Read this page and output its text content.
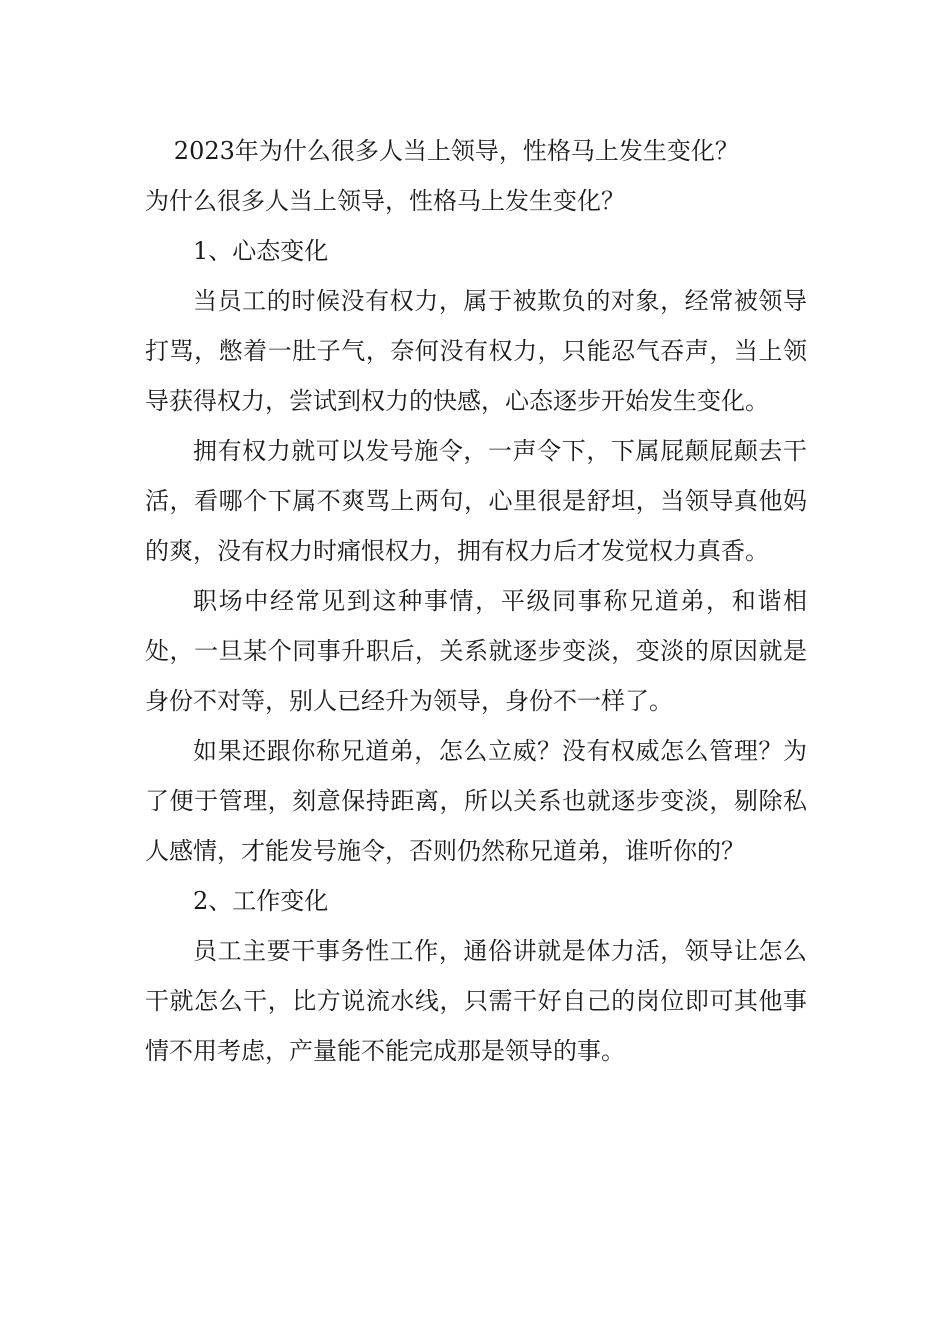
2023年为什么很多人当上领导，性格马上发生变化？

为什么很多人当上领导，性格马上发生变化？

1、心态变化

当员工的时候没有权力，属于被欺负的对象，经常被领导打骂，憋着一肚子气，奈何没有权力，只能忍气吞声，当上领导获得权力，尝试到权力的快感，心态逐步开始发生变化。

拥有权力就可以发号施令，一声令下，下属屁颠屁颠去干活，看哪个下属不爽骂上两句，心里很是舒坦，当领导真他妈的爽，没有权力时痛恨权力，拥有权力后才发觉权力真香。

职场中经常见到这种事情，平级同事称兄道弟，和谐相处，一旦某个同事升职后，关系就逐步变淡，变淡的原因就是身份不对等，别人已经升为领导，身份不一样了。

如果还跟你称兄道弟，怎么立威？没有权威怎么管理？为了便于管理，刻意保持距离，所以关系也就逐步变淡，剔除私人感情，才能发号施令，否则仍然称兄道弟，谁听你的？

2、工作变化

员工主要干事务性工作，通俗讲就是体力活，领导让怎么干就怎么干，比方说流水线，只需干好自己的岗位即可其他事情不用考虑，产量能不能完成那是领导的事。
